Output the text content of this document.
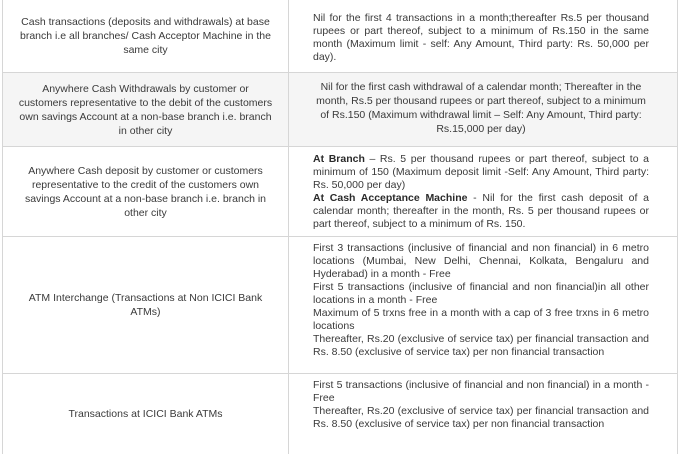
Cash transactions (deposits and withdrawals) at base branch i.e all branches/ Cash Acceptor Machine in the same city
Nil for the first 4 transactions in a month;thereafter Rs.5 per thousand rupees or part thereof, subject to a minimum of Rs.150 in the same month (Maximum limit - self: Any Amount, Third party: Rs. 50,000 per day).
Anywhere Cash Withdrawals by customer or customers representative to the debit of the customers own savings Account at a non-base branch i.e. branch in other city
Nil for the first cash withdrawal of a calendar month; Thereafter in the month, Rs.5 per thousand rupees or part thereof, subject to a minimum of Rs.150 (Maximum withdrawal limit – Self: Any Amount, Third party: Rs.15,000 per day)
Anywhere Cash deposit by customer or customers representative to the credit of the customers own savings Account at a non-base branch i.e. branch in other city
At Branch – Rs. 5 per thousand rupees or part thereof, subject to a minimum of 150 (Maximum deposit limit -Self: Any Amount, Third party: Rs. 50,000 per day)
At Cash Acceptance Machine - Nil for the first cash deposit of a calendar month; thereafter in the month, Rs. 5 per thousand rupees or part thereof, subject to a minimum of Rs. 150.
ATM Interchange (Transactions at Non ICICI Bank ATMs)
First 3 transactions (inclusive of financial and non financial) in 6 metro locations (Mumbai, New Delhi, Chennai, Kolkata, Bengaluru and Hyderabad) in a month - Free
First 5 transactions (inclusive of financial and non financial)in all other locations in a month - Free
Maximum of 5 trxns free in a month with a cap of 3 free trxns in 6 metro locations
Thereafter, Rs.20 (exclusive of service tax) per financial transaction and Rs. 8.50 (exclusive of service tax) per non financial transaction
Transactions at ICICI Bank ATMs
First 5 transactions (inclusive of financial and non financial) in a month - Free
Thereafter, Rs.20 (exclusive of service tax) per financial transaction and Rs. 8.50 (exclusive of service tax) per non financial transaction
